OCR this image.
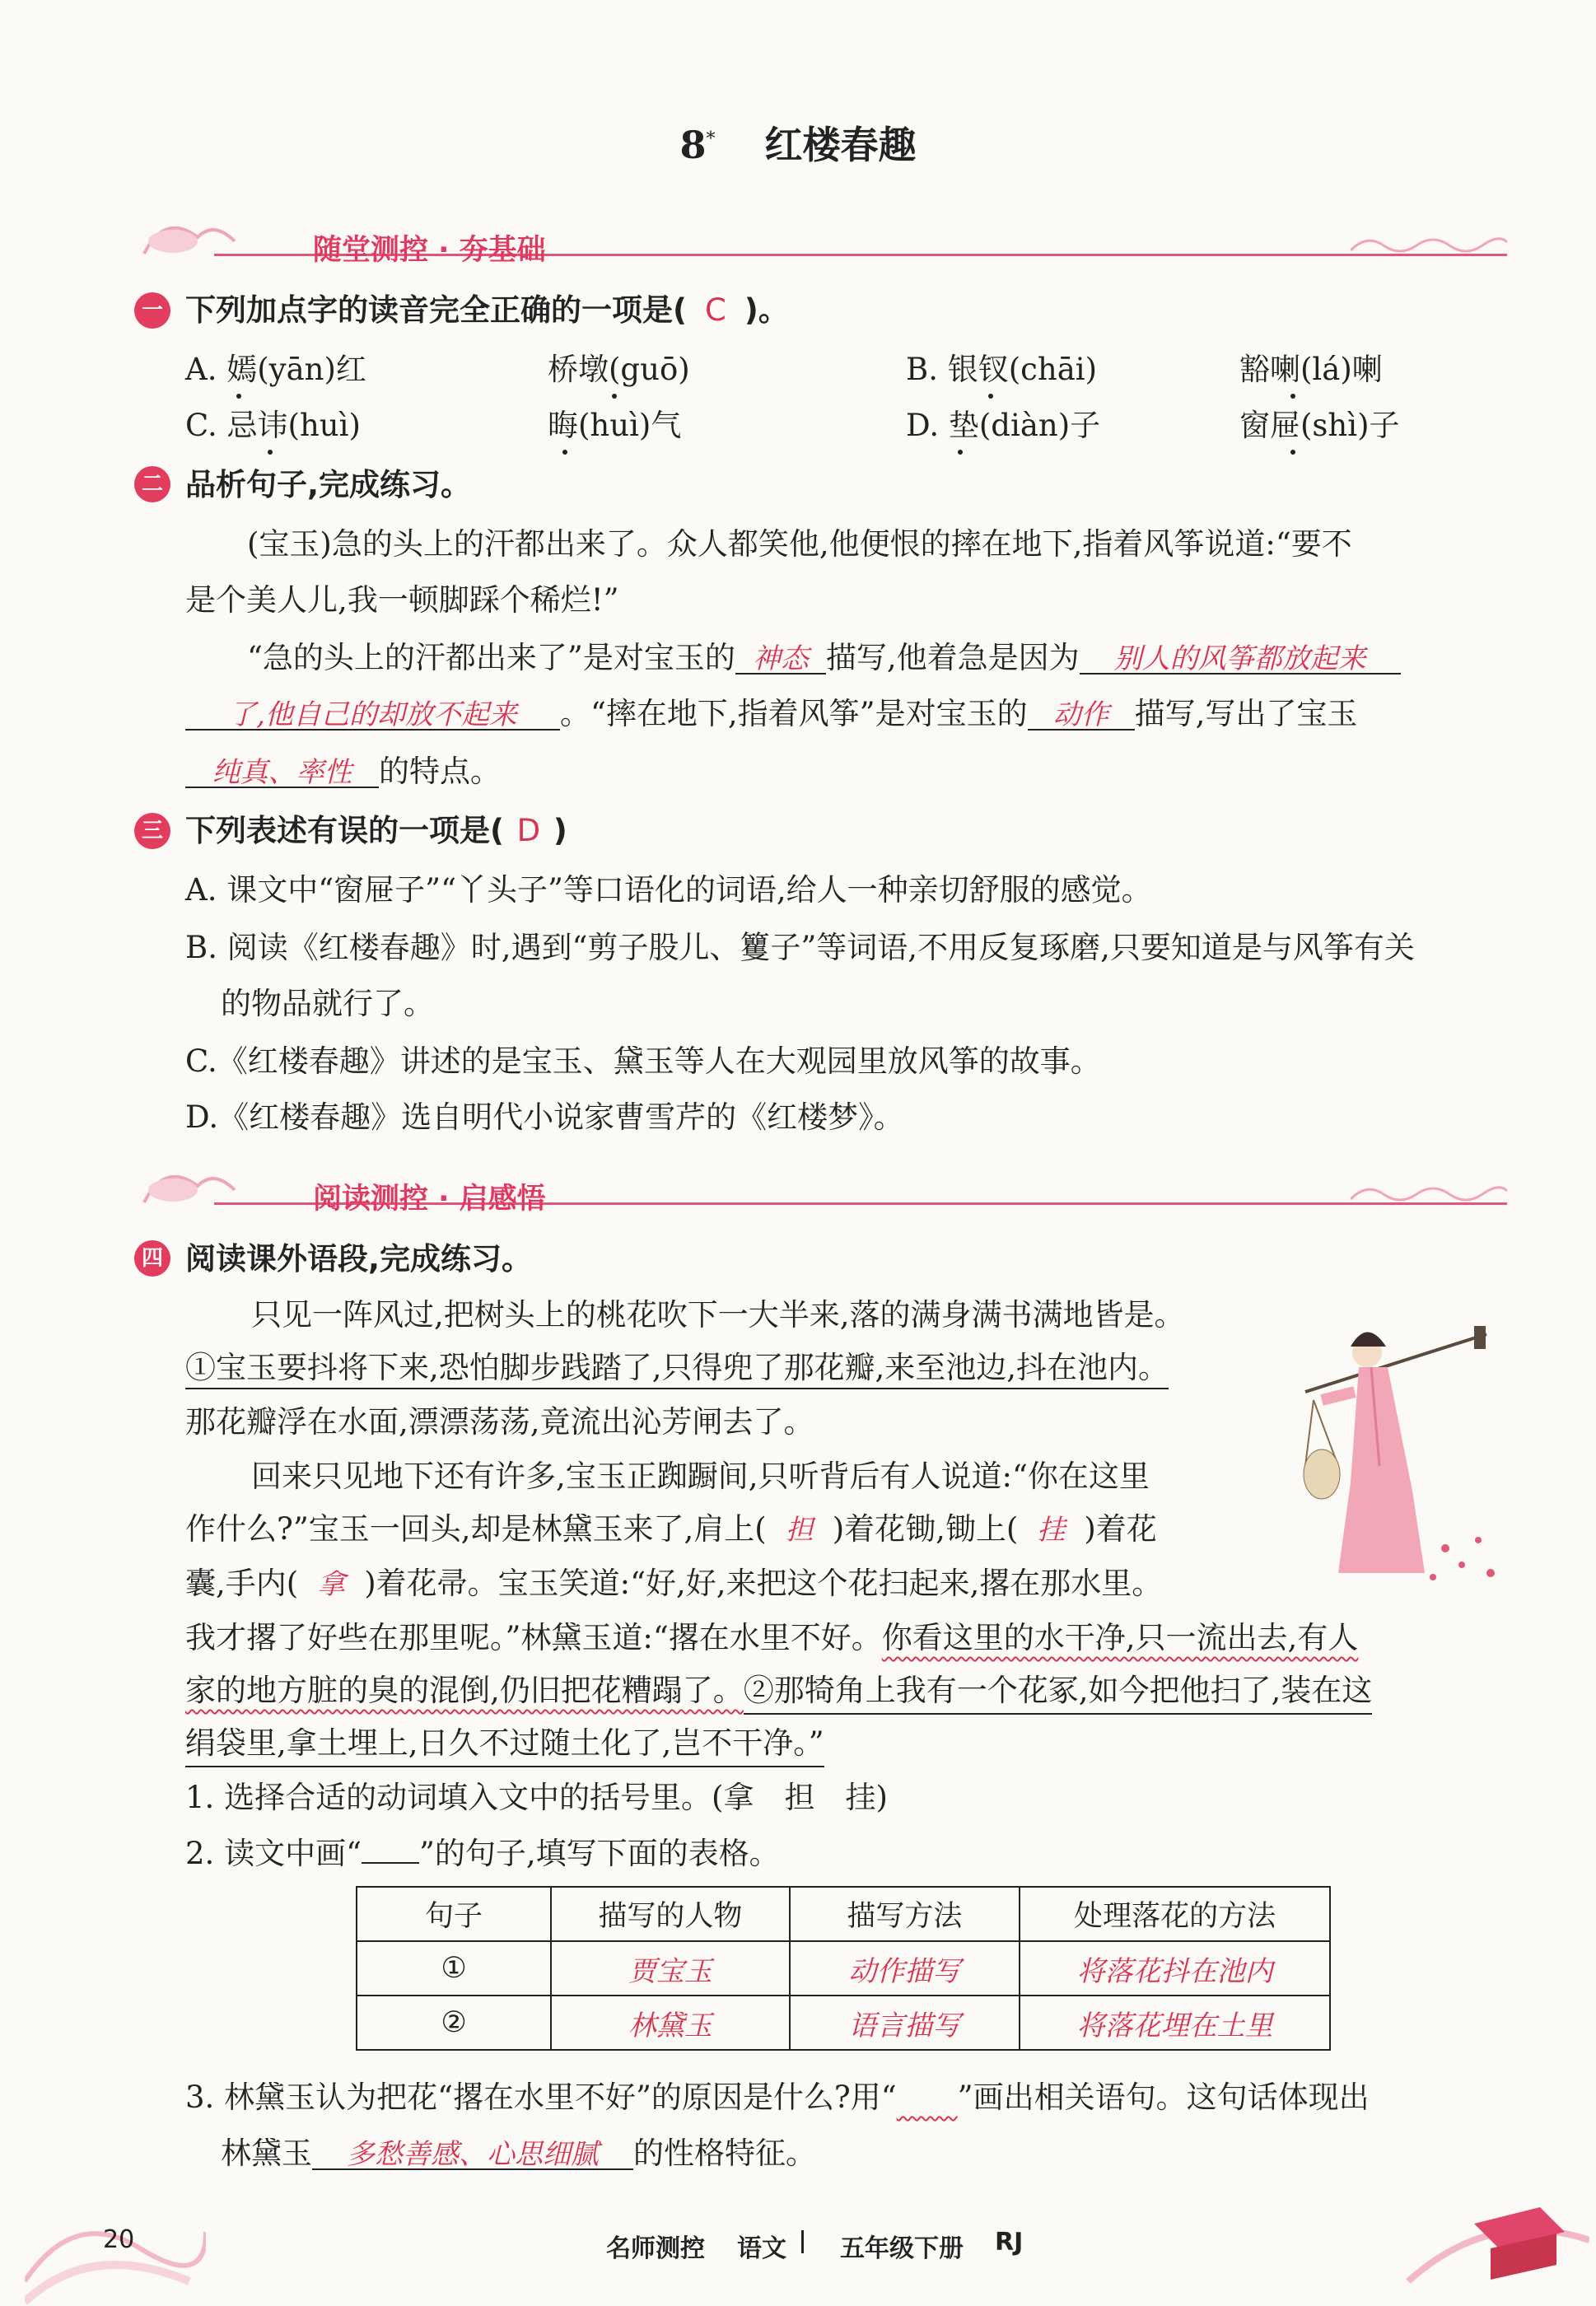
8* 红楼春趣
随堂测控 · 夯基础
一 下列加点字的读音完全正确的一项是( C )。
A. 嫣(yān)红	桥墩(guō)	B. 银钗(chāi)	豁喇(lá)喇
C. 忌讳(huì)	晦(huì)气	D. 垫(diàn)子	窗屉(shì)子
二 品析句子,完成练习。
(宝玉)急的头上的汗都出来了。众人都笑他,他便恨的摔在地下,指着风筝说道:“要不
是个美人儿,我一顿脚踩个稀烂!”
“急的头上的汗都出来了”是对宝玉的 神态 描写,他着急是因为 别人的风筝都放起来
了,他自己的却放不起来 。“摔在地下,指着风筝”是对宝玉的 动作 描写,写出了宝玉
纯真、率性 的特点。
三 下列表述有误的一项是( D )
A. 课文中“窗屉子”“丫头子”等口语化的词语,给人一种亲切舒服的感觉。
B. 阅读《红楼春趣》时,遇到“剪子股儿、籰子”等词语,不用反复琢磨,只要知道是与风筝有关
的物品就行了。
C.《红楼春趣》讲述的是宝玉、黛玉等人在大观园里放风筝的故事。
D.《红楼春趣》选自明代小说家曹雪芹的《红楼梦》。
阅读测控 · 启感悟
四 阅读课外语段,完成练习。
只见一阵风过,把树头上的桃花吹下一大半来,落的满身满书满地皆是。
①宝玉要抖将下来,恐怕脚步践踏了,只得兜了那花瓣,来至池边,抖在池内。
那花瓣浮在水面,漂漂荡荡,竟流出沁芳闸去了。
回来只见地下还有许多,宝玉正踟蹰间,只听背后有人说道:“你在这里
作什么?”宝玉一回头,却是林黛玉来了,肩上( 担 )着花锄,锄上( 挂 )着花
囊,手内( 拿 )着花帚。宝玉笑道:“好,好,来把这个花扫起来,撂在那水里。
我才撂了好些在那里呢。”林黛玉道:“撂在水里不好。你看这里的水干净,只一流出去,有人
家的地方脏的臭的混倒,仍旧把花糟蹋了。②那犄角上我有一个花冢,如今把他扫了,装在这
绢袋里,拿土埋上,日久不过随土化了,岂不干净。”
1. 选择合适的动词填入文中的括号里。(拿　担　挂)
2. 读文中画“ ”的句子,填写下面的表格。
句子	描写的人物	描写方法	处理落花的方法
①	贾宝玉	动作描写	将落花抖在池内
②	林黛玉	语言描写	将落花埋在土里
3. 林黛玉认为把花“撂在水里不好”的原因是什么?用“　　 ”画出相关语句。这句话体现出
林黛玉 多愁善感、心思细腻 的性格特征。
20	名师测控 语文 五年级下册 RJ
